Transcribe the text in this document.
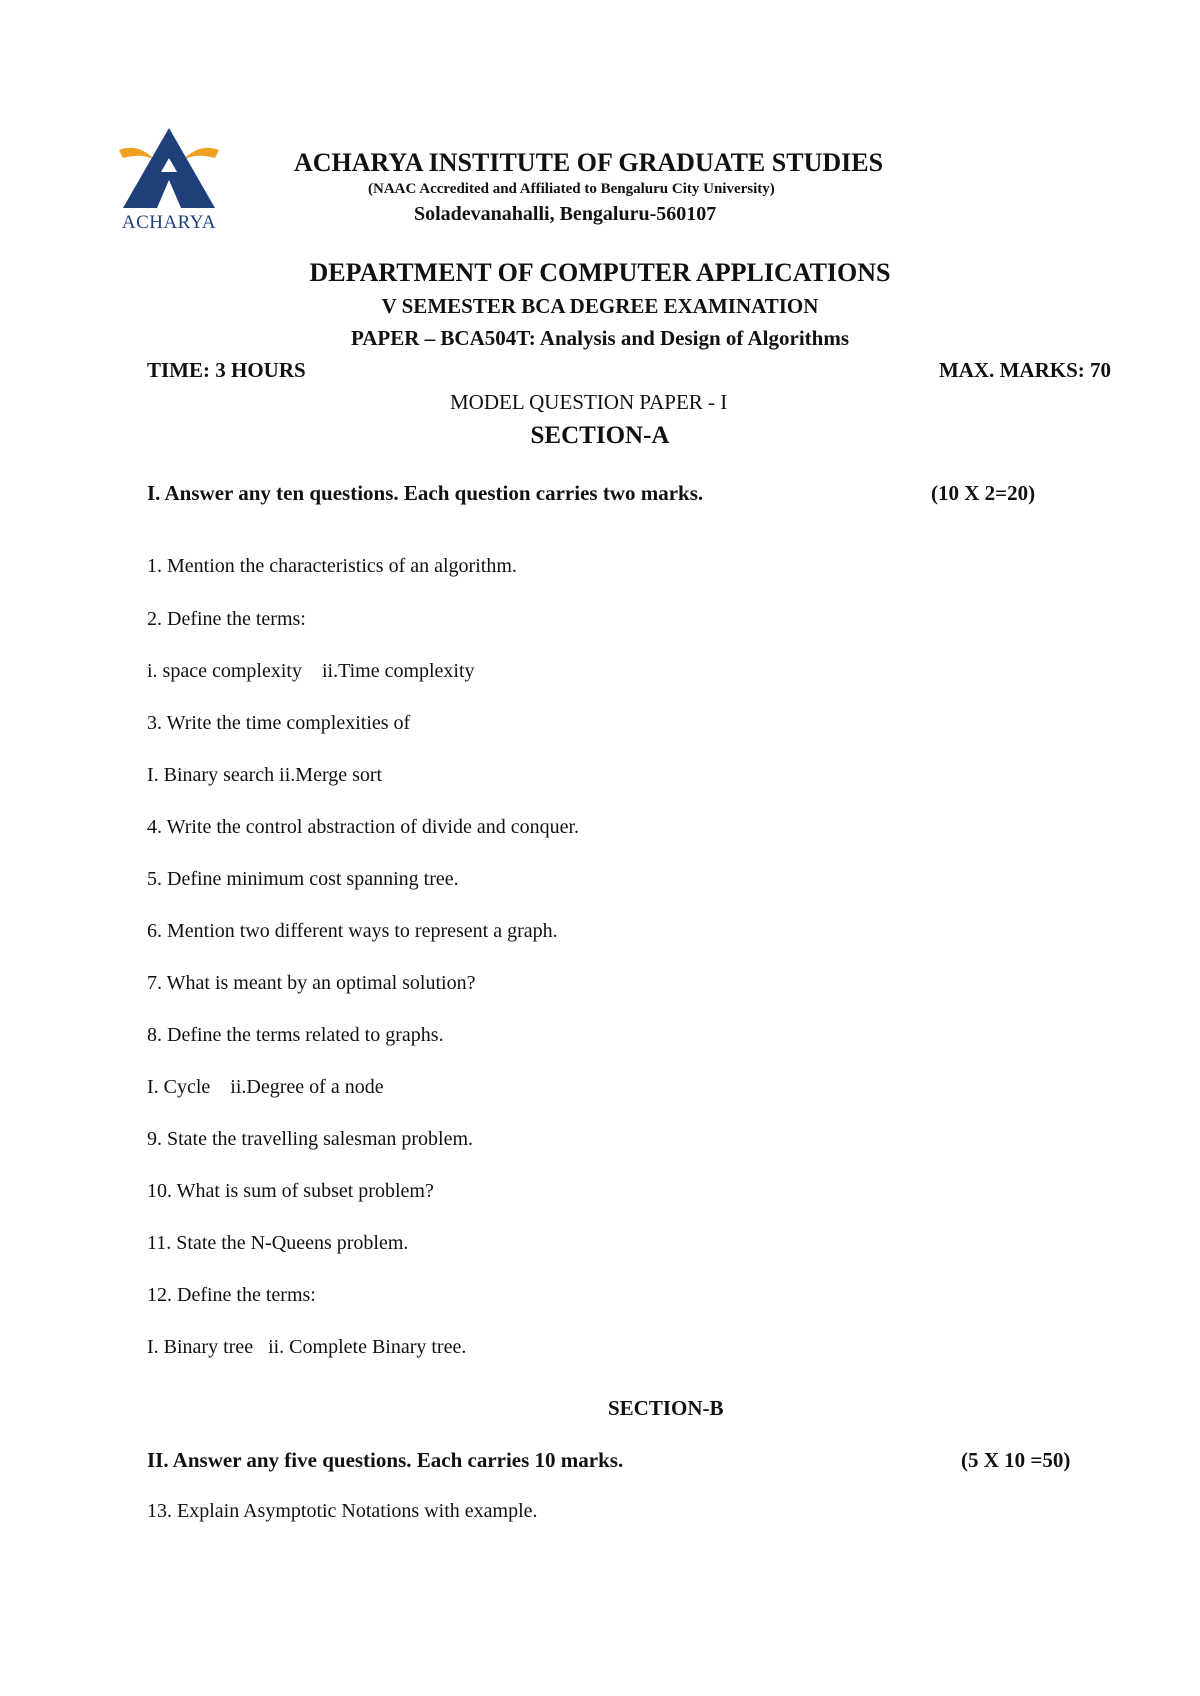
ACHARYA
ACHARYA INSTITUTE OF GRADUATE STUDIES
(NAAC Accredited and Affiliated to Bengaluru City University)
Soladevanahalli, Bengaluru-560107
DEPARTMENT OF COMPUTER APPLICATIONS
V SEMESTER BCA DEGREE EXAMINATION
PAPER – BCA504T: Analysis and Design of Algorithms
TIME: 3 HOURS	MAX. MARKS: 70
MODEL QUESTION PAPER - I
SECTION-A
I. Answer any ten questions. Each question carries two marks.	(10 X 2=20)
1. Mention the characteristics of an algorithm.
2. Define the terms:
i. space complexity    ii.Time complexity
3. Write the time complexities of
I. Binary search ii.Merge sort
4. Write the control abstraction of divide and conquer.
5. Define minimum cost spanning tree.
6. Mention two different ways to represent a graph.
7. What is meant by an optimal solution?
8. Define the terms related to graphs.
I. Cycle    ii.Degree of a node
9. State the travelling salesman problem.
10. What is sum of subset problem?
11. State the N-Queens problem.
12. Define the terms:
I. Binary tree   ii. Complete Binary tree.
SECTION-B
II. Answer any five questions. Each carries 10 marks.	(5 X 10 =50)
13. Explain Asymptotic Notations with example.
